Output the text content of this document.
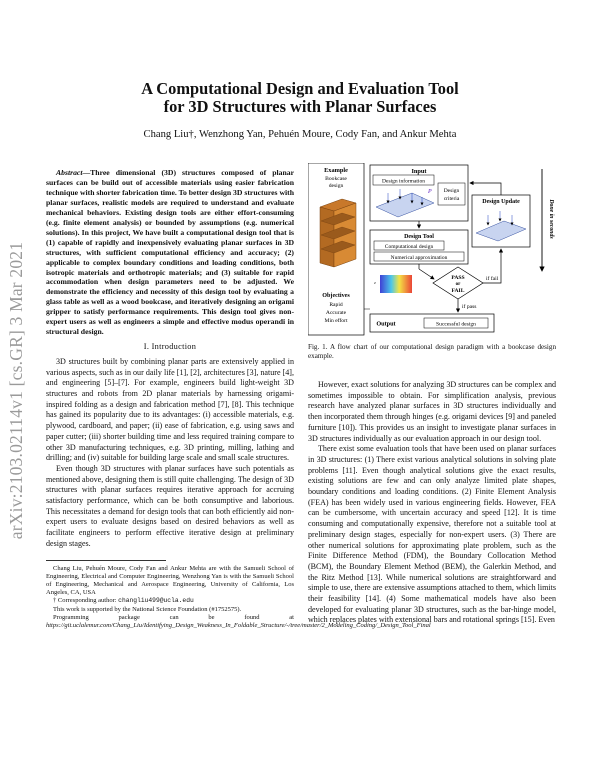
arXiv:2103.02114v1 [cs.GR] 3 Mar 2021
A Computational Design and Evaluation Tool
for 3D Structures with Planar Surfaces
Chang Liu†, Wenzhong Yan, Pehuén Moure, Cody Fan, and Ankur Mehta

Abstract—Three dimensional (3D) structures composed of planar surfaces can be build out of accessible materials using easier fabrication technique with shorter fabrication time. To better design 3D structures with planar surfaces, realistic models are required to understand and evaluate mechanical behaviors. Existing design tools are either effort-consuming (e.g. finite element analysis) or bounded by assumptions (e.g. numerical solutions). In this project, We have built a computational design tool that is (1) capable of rapidly and inexpensively evaluating planar surfaces in 3D structures, with sufficient computational efficiency and accuracy; (2) applicable to complex boundary conditions and loading conditions, both isotropic materials and orthotropic materials; and (3) suitable for rapid accommodation when design parameters need to be adjusted. We demonstrate the efficiency and necessity of this design tool by evaluating a glass table as well as a wood bookcase, and iteratively designing an origami gripper to satisfy performance requirements. This design tool gives non-expert users as well as engineers a simple and effective modus operandi in structural design.

I. Introduction

3D structures built by combining planar parts are extensively applied in various aspects, such as in our daily life [1], [2], architectures [3], nature [4], and engineering [5]–[7]. For example, engineers build light-weight 3D structures and robots from 2D planar materials by harnessing origami-inspired folding as a design and fabrication method [7], [8]. This technique has gained its popularity due to its advantages: (i) accessible materials, e.g. plywood, cardboard, and paper; (ii) ease of fabrication, e.g. using saws and paper cutter; (iii) shorter building time and less required training compare to other 3D manufacturing techniques, e.g. 3D printing, milling, lathing and drilling; and (iv) suitable for building large scale and small scale structures.

Even though 3D structures with planar surfaces have such potentials as mentioned above, designing them is still quite challenging. The design of 3D structures with planar surfaces requires iterative approach for accruing satisfactory performance, which can be both consumptive and laborious. This necessitates a demand for design tools that can both efficiently aid non-expert users to evaluate designs based on desired behaviors as well as facilitate engineers to perform effective iterative design at preliminary design stages.

Chang Liu, Pehuén Moure, Cody Fan and Ankur Mehta are with the Samueli School of Engineering, Electrical and Computer Engineering, Wenzhong Yan is with the Samueli School of Engineering, Mechanical and Aerospace Engineering, University of California, Los Angeles, CA, USA

† Corresponding author: changliu499@ucla.edu

This work is supported by the National Science Foundation (#1752575).

Programming package can be found at https://git.uclalemur.com/Chang_Liu/Identifying_Design_Weakness_In_Foldable_Structure/-/tree/master/2_Modeling_Coding/_Design_Tool_Final

Example
Bookcase
design
Objectives
Rapid
Accurate
Min effort
Input
Design information
Design
criteria
P
Design Update
Design Tool
Computational design
Numerical approximation
z
PASS
or
FAIL
if fail
Done in seconds
if pass
Output	Successful design

Fig. 1. A flow chart of our computational design paradigm with a bookcase design example.

However, exact solutions for analyzing 3D structures can be complex and sometimes impossible to obtain. For simplification analysis, previous research have analyzed planar surfaces in 3D structures individually and then incorporated them through hinges (e.g. origami devices [9] and paneled furniture [10]). This provides us an insight to investigate planar surfaces in 3D structures individually as our evaluation approach in our design tool.

There exist some evaluation tools that have been used on planar surfaces in 3D structures: (1) There exist various analytical solutions in solving plate problems [11]. Even though analytical solutions give the exact results, existing solutions are few and can only analyze limited plate shapes, boundary conditions and loading conditions. (2) Finite Element Analysis (FEA) has been widely used in various engineering fields. However, FEA can be cumbersome, with uncertain accuracy and speed [12]. It is time consuming and computationally expensive, therefore not a suitable tool at preliminary design stages, especially for non-expert users. (3) There are other numerical solutions for approximating plate problem, such as the Finite Difference Method (FDM), the Boundary Collocation Method (BCM), the Boundary Element Method (BEM), the Galerkin Method, and the Ritz Method [13]. While numerical solutions are straightforward and simple to use, there are extensive assumptions attached to them, which limits their feasibility [14]. (4) Some mathematical models have also been developed for evaluating planar 3D structures, such as the bar-hinge model, which replaces plates with extensional bars and rotational springs [15]. Even
